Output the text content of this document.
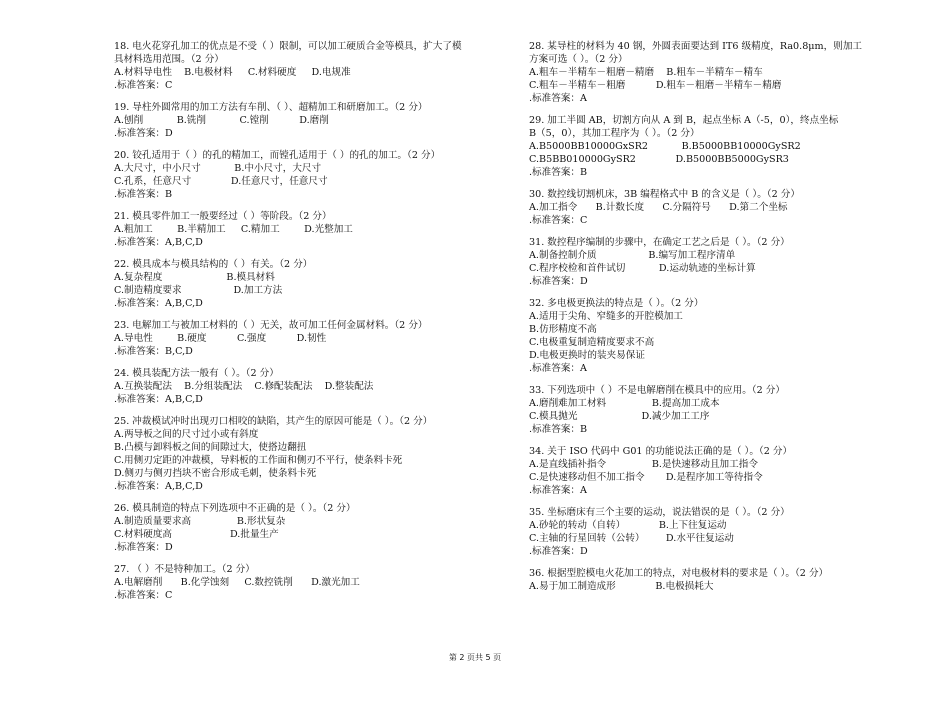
18. 电火花穿孔加工的优点是不受（ ）限制，可以加工硬质合金等模具，扩大了模

具材料选用范围。（2 分）

A.材料导电性    B.电极材料     C.材料硬度     D.电规准

.标准答案：C

19. 导柱外圆常用的加工方法有车削、（ ）、超精加工和研磨加工。（2 分）

A.刨削           B.铣削           C.镗削          D.磨削

.标准答案：D

20. 铰孔适用于（ ）的孔的精加工，而镗孔适用于（ ）的孔的加工。（2 分）

A.大尺寸，中小尺寸           B.中小尺寸，大尺寸

C.孔系，任意尺寸             D.任意尺寸，任意尺寸

.标准答案：B

21. 模具零件加工一般要经过（ ）等阶段。（2 分）

A.粗加工        B.半精加工     C.精加工        D.光整加工

.标准答案：A,B,C,D

22. 模具成本与模具结构的（ ）有关。（2 分）

A.复杂程度                     B.模具材料

C.制造精度要求                 D.加工方法

.标准答案：A,B,C,D

23. 电解加工与被加工材料的（ ）无关，故可加工任何金属材料。（2 分）

A.导电性        B.硬度          C.强度          D.韧性

.标准答案：B,C,D

24. 模具装配方法一般有（ ）。（2 分）

A.互换装配法    B.分组装配法    C.修配装配法    D.整装配法

.标准答案：A,B,C,D

25. 冲裁模试冲时出现刃口相咬的缺陷，其产生的原因可能是（ ）。（2 分）

A.两导板之间的尺寸过小或有斜度

B.凸模与卸料板之间的间隙过大，使搭边翻扭

C.用侧刃定距的冲裁模，导料板的工作面和侧刃不平行，使条料卡死

D.侧刃与侧刃挡块不密合形成毛刺，使条料卡死

.标准答案：A,B,C,D

26. 模具制造的特点下列选项中不正确的是（ ）。（2 分）

A.制造质量要求高               B.形状复杂

C.材料硬度高                   D.批量生产

.标准答案：D

27. （ ）不是特种加工。（2 分）

A.电解磨削      B.化学蚀刻     C.数控铣削      D.激光加工

.标准答案：C

28. 某导柱的材料为 40 钢，外圆表面要达到 IT6 级精度，Ra0.8μm，则加工

方案可选（ ）。（2 分）

A.粗车－半精车－粗磨－精磨    B.粗车－半精车－精车

C.粗车－半精车－粗磨          D.粗车－粗磨－半精车－精磨

.标准答案：A

29. 加工半圆 AB，切割方向从 A 到 B，起点坐标 A（-5，0），终点坐标

B（5，0），其加工程序为（ ）。（2 分）

A.B5000BB10000GxSR2           B.B5000BB10000GySR2

C.B5BB010000GySR2             D.B5000BB5000GySR3

.标准答案：B

30. 数控线切割机床，3B 编程格式中 B 的含义是（ ）。（2 分）

A.加工指令      B.计数长度      C.分隔符号      D.第二个坐标

.标准答案：C

31. 数控程序编制的步骤中，在确定工艺之后是（ ）。（2 分）

A.制备控制介质                 B.编写加工程序清单

C.程序校检和首件试切           D.运动轨迹的坐标计算

.标准答案：D

32. 多电极更换法的特点是（ ）。（2 分）

A.适用于尖角、窄缝多的开腔模加工

B.仿形精度不高

C.电极重复制造精度要求不高

D.电极更换时的装夹易保证

.标准答案：A

33. 下列选项中（ ）不是电解磨削在模具中的应用。（2 分）

A.磨削难加工材料               B.提高加工成本

C.模具抛光                     D.减少加工工序

.标准答案：B

34. 关于 ISO 代码中 G01 的功能说法正确的是（ ）。（2 分）

A.是直线插补指令               B.是快速移动且加工指令

C.是快速移动但不加工指令       D.是程序加工等待指令

.标准答案：A

35. 坐标磨床有三个主要的运动，说法错误的是（ ）。（2 分）

A.砂轮的转动（自转）           B.上下往复运动

C.主轴的行星回转（公转）       D.水平往复运动

.标准答案：D

36. 根据型腔模电火花加工的特点，对电极材料的要求是（ ）。（2 分）

A.易于加工制造成形             B.电极损耗大

第 2 页共 5 页
